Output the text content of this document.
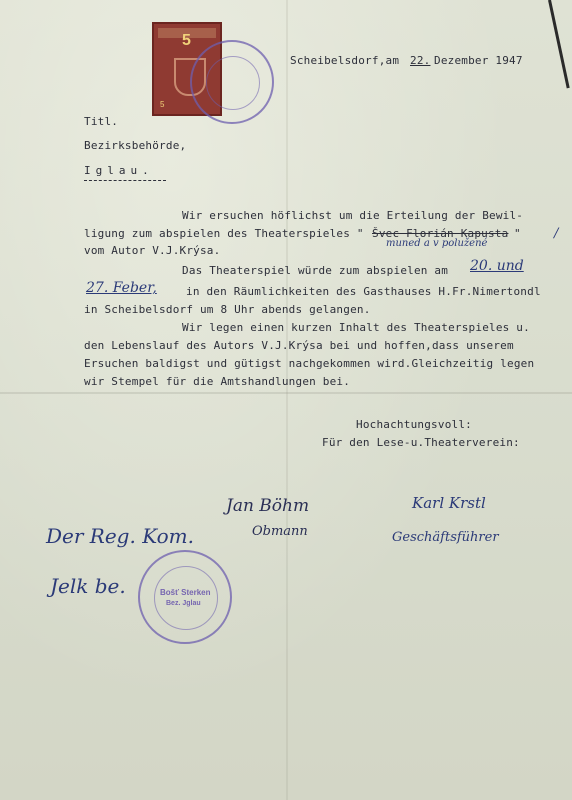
5
5
Scheibelsdorf,am 22. Dezember 1947
Titl.
Bezirksbehörde,
Iglau.
Wir ersuchen höflichst um die Erteilung der Bewil-
ligung zum abspielen des Theaterspieles " Švec Florián Kapusta "
muned a v polužené
/
vom Autor V.J.Krýsa.
Das Theaterspiel würde zum abspielen am 20. und
27. Feber,	in den Räumlichkeiten des Gasthauses H.Fr.Nimertondl
in Scheibelsdorf um 8 Uhr abends gelangen.
Wir legen einen kurzen Inhalt des Theaterspieles u.
den Lebenslauf des Autors V.J.Krýsa bei und hoffen,dass unserem
Ersuchen baldigst und gütigst nachgekommen wird.Gleichzeitig legen
wir Stempel für die Amtshandlungen bei.
Hochachtungsvoll:
Für den Lese-u.Theaterverein:
Jan Böhm
Obmann
Karl Krstl
Geschäftsführer
Der Reg. Kom.
Jelk be.	Bošť Sterken
Bez. Jglau
